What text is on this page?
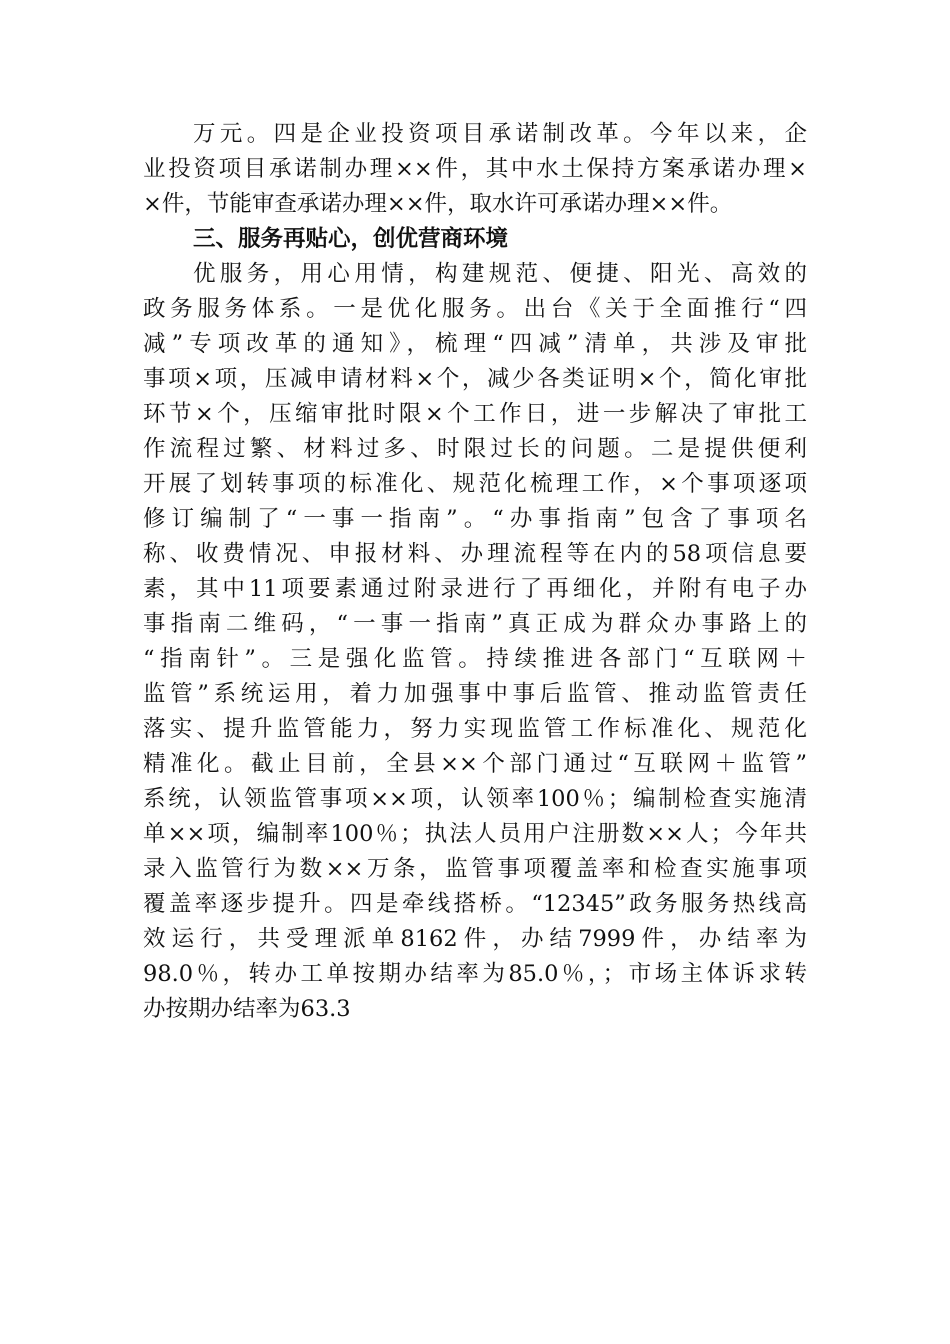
万元。四是企业投资项目承诺制改革。今年以来，企
业投资项目承诺制办理××件，其中水土保持方案承诺办理×
×件，节能审查承诺办理××件，取水许可承诺办理××件。
三、服务再贴心，创优营商环境
优服务，用心用情，构建规范、便捷、阳光、高效的
政务服务体系。一是优化服务。出台《关于全面推行“四
减”专项改革的通知》，梳理“四减”清单，共涉及审批
事项×项，压减申请材料×个，减少各类证明×个，简化审批
环节×个，压缩审批时限×个工作日，进一步解决了审批工
作流程过繁、材料过多、时限过长的问题。二是提供便利
开展了划转事项的标准化、规范化梳理工作，×个事项逐项
修订编制了“一事一指南”。“办事指南”包含了事项名
称、收费情况、申报材料、办理流程等在内的58项信息要
素，其中11项要素通过附录进行了再细化，并附有电子办
事指南二维码，“一事一指南”真正成为群众办事路上的
“指南针”。三是强化监管。持续推进各部门“互联网＋
监管”系统运用，着力加强事中事后监管、推动监管责任
落实、提升监管能力，努力实现监管工作标准化、规范化
精准化。截止目前，全县××个部门通过“互联网＋监管”
系统，认领监管事项××项，认领率100％；编制检查实施清
单××项，编制率100％；执法人员用户注册数××人；今年共
录入监管行为数××万条，监管事项覆盖率和检查实施事项
覆盖率逐步提升。四是牵线搭桥。“12345”政务服务热线高
效运行，共受理派单8162件，办结7999件，办结率为
98.0％，转办工单按期办结率为85.0％，；市场主体诉求转
办按期办结率为63.3
